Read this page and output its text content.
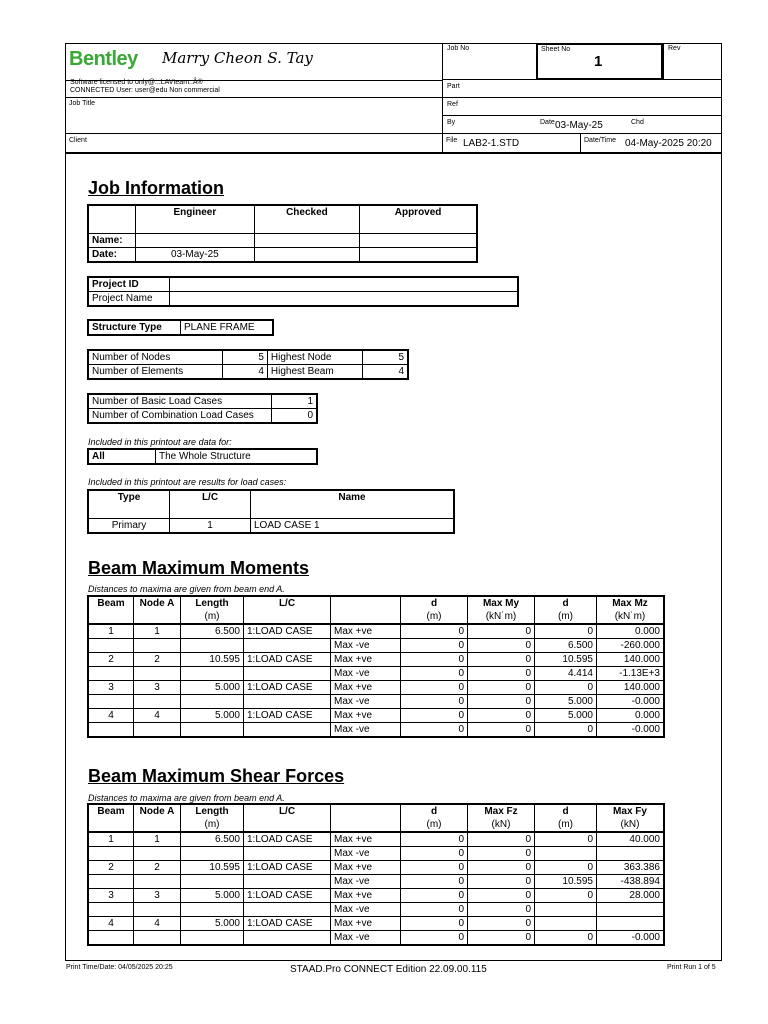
Bentley Marry Cheon S. Tay
Software licensed to only@:::LAVteam::Â®
CONNECTED User: user@edu Non commercial
Job Title
Client
Job No	Sheet No
1
Rev
Part
Ref
By	Date 03-May-25	Chd
File LAB2-1.STD	Date/Time 04-May-2025 20:20
Job Information
	Engineer	Checked	Approved
Name:			
Date:	03-May-25		
Project ID	
Project Name	
Structure Type	PLANE FRAME
Number of Nodes	5	Highest Node	5
Number of Elements	4	Highest Beam	4
Number of Basic Load Cases	1
Number of Combination Load Cases	0
Included in this printout are data for:
All	The Whole Structure
Included in this printout are results for load cases:
Type	L/C	Name
Primary	1	LOAD CASE 1
Beam Maximum Moments
Distances to maxima are given from beam end A.
Beam	Node A	Length	L/C		d	Max My	d	Max Mz
		(m)			(m)	(kN˙m)	(m)	(kN˙m)
1	1	6.500	1:LOAD CASE	Max +ve	0	0	0	0.000
				Max -ve	0	0	6.500	-260.000
2	2	10.595	1:LOAD CASE	Max +ve	0	0	10.595	140.000
				Max -ve	0	0	4.414	-1.13E+3
3	3	5.000	1:LOAD CASE	Max +ve	0	0	0	140.000
				Max -ve	0	0	5.000	-0.000
4	4	5.000	1:LOAD CASE	Max +ve	0	0	5.000	0.000
				Max -ve	0	0	0	-0.000
Beam Maximum Shear Forces
Distances to maxima are given from beam end A.
Beam	Node A	Length	L/C		d	Max Fz	d	Max Fy
		(m)			(m)	(kN)	(m)	(kN)
1	1	6.500	1:LOAD CASE	Max +ve	0	0	0	40.000
				Max -ve	0	0		
2	2	10.595	1:LOAD CASE	Max +ve	0	0	0	363.386
				Max -ve	0	0	10.595	-438.894
3	3	5.000	1:LOAD CASE	Max +ve	0	0	0	28.000
				Max -ve	0	0		
4	4	5.000	1:LOAD CASE	Max +ve	0	0		
				Max -ve	0	0	0	-0.000
Print Time/Date: 04/05/2025 20:25	STAAD.Pro CONNECT Edition 22.09.00.115	Print Run 1 of 5
